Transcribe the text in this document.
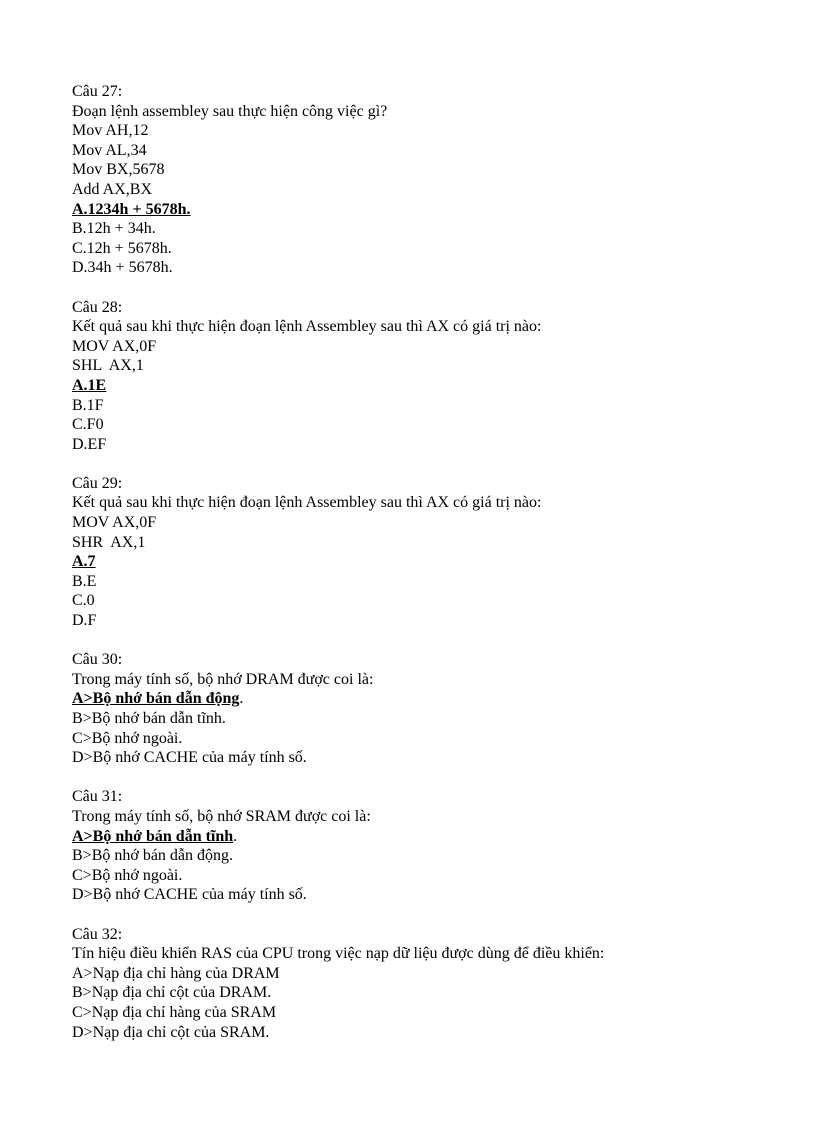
Câu 27:
Đoạn lệnh assembley sau thực hiện công việc gì?
Mov AH,12
Mov AL,34
Mov BX,5678
Add AX,BX
A.1234h + 5678h.
B.12h + 34h.
C.12h + 5678h.
D.34h + 5678h.
Câu 28:
Kết quả sau khi thực hiện đoạn lệnh Assembley sau thì AX có giá trị nào:
MOV AX,0F
SHL  AX,1
A.1E
B.1F
C.F0
D.EF
Câu 29:
Kết quả sau khi thực hiện đoạn lệnh Assembley sau thì AX có giá trị nào:
MOV AX,0F
SHR  AX,1
A.7
B.E
C.0
D.F
Câu 30:
Trong máy tính số, bộ nhớ DRAM được coi là:
A>Bộ nhớ bán dẫn động.
B>Bộ nhớ bán dẫn tĩnh.
C>Bộ nhớ ngoài.
D>Bộ nhớ CACHE của máy tính số.
Câu 31:
Trong máy tính số, bộ nhớ SRAM được coi là:
A>Bộ nhớ bán dẫn tĩnh.
B>Bộ nhớ bán dẫn động.
C>Bộ nhớ ngoài.
D>Bộ nhớ CACHE của máy tính số.
Câu 32:
Tín hiệu điều khiển RAS của CPU trong việc nạp dữ liệu được dùng để điều khiển:
A>Nạp địa chỉ hàng của DRAM
B>Nạp địa chỉ cột của DRAM.
C>Nạp địa chỉ hàng của SRAM
D>Nạp địa chỉ cột của SRAM.
